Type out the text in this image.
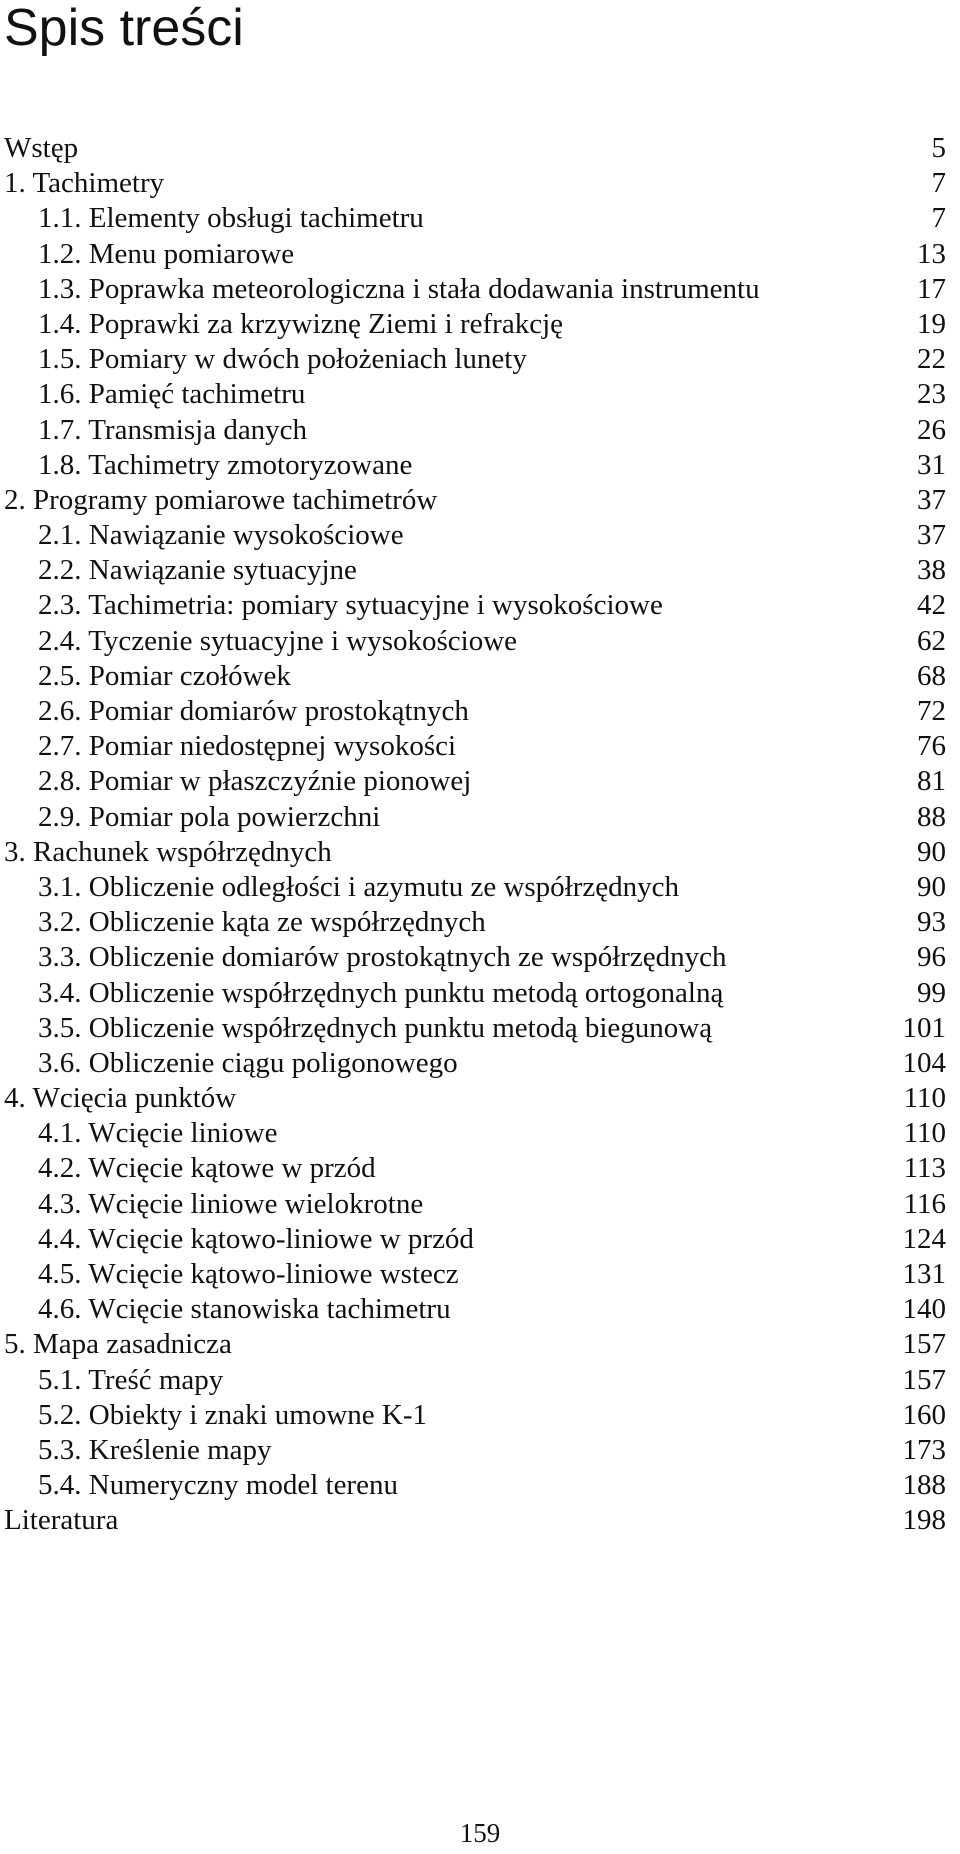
Spis treści
Wstęp	5
1. Tachimetry	7
1.1. Elementy obsługi tachimetru	7
1.2. Menu pomiarowe	13
1.3. Poprawka meteorologiczna i stała dodawania instrumentu	17
1.4. Poprawki za krzywiznę Ziemi i refrakcję	19
1.5. Pomiary w dwóch położeniach lunety	22
1.6. Pamięć tachimetru	23
1.7. Transmisja danych	26
1.8. Tachimetry zmotoryzowane	31
2. Programy pomiarowe tachimetrów	37
2.1. Nawiązanie wysokościowe	37
2.2. Nawiązanie sytuacyjne	38
2.3. Tachimetria: pomiary sytuacyjne i wysokościowe	42
2.4. Tyczenie sytuacyjne i wysokościowe	62
2.5. Pomiar czołówek	68
2.6. Pomiar domiarów prostokątnych	72
2.7. Pomiar niedostępnej wysokości	76
2.8. Pomiar w płaszczyźnie pionowej	81
2.9. Pomiar pola powierzchni	88
3. Rachunek współrzędnych	90
3.1. Obliczenie odległości i azymutu ze współrzędnych	90
3.2. Obliczenie kąta ze współrzędnych	93
3.3. Obliczenie domiarów prostokątnych ze współrzędnych	96
3.4. Obliczenie współrzędnych punktu metodą ortogonalną	99
3.5. Obliczenie współrzędnych punktu metodą biegunową	101
3.6. Obliczenie ciągu poligonowego	104
4. Wcięcia punktów	110
4.1. Wcięcie liniowe	110
4.2. Wcięcie kątowe w przód	113
4.3. Wcięcie liniowe wielokrotne	116
4.4. Wcięcie kątowo-liniowe w przód	124
4.5. Wcięcie kątowo-liniowe wstecz	131
4.6. Wcięcie stanowiska tachimetru	140
5. Mapa zasadnicza	157
5.1. Treść mapy	157
5.2. Obiekty i znaki umowne K-1	160
5.3. Kreślenie mapy	173
5.4. Numeryczny model terenu	188
Literatura	198
159
